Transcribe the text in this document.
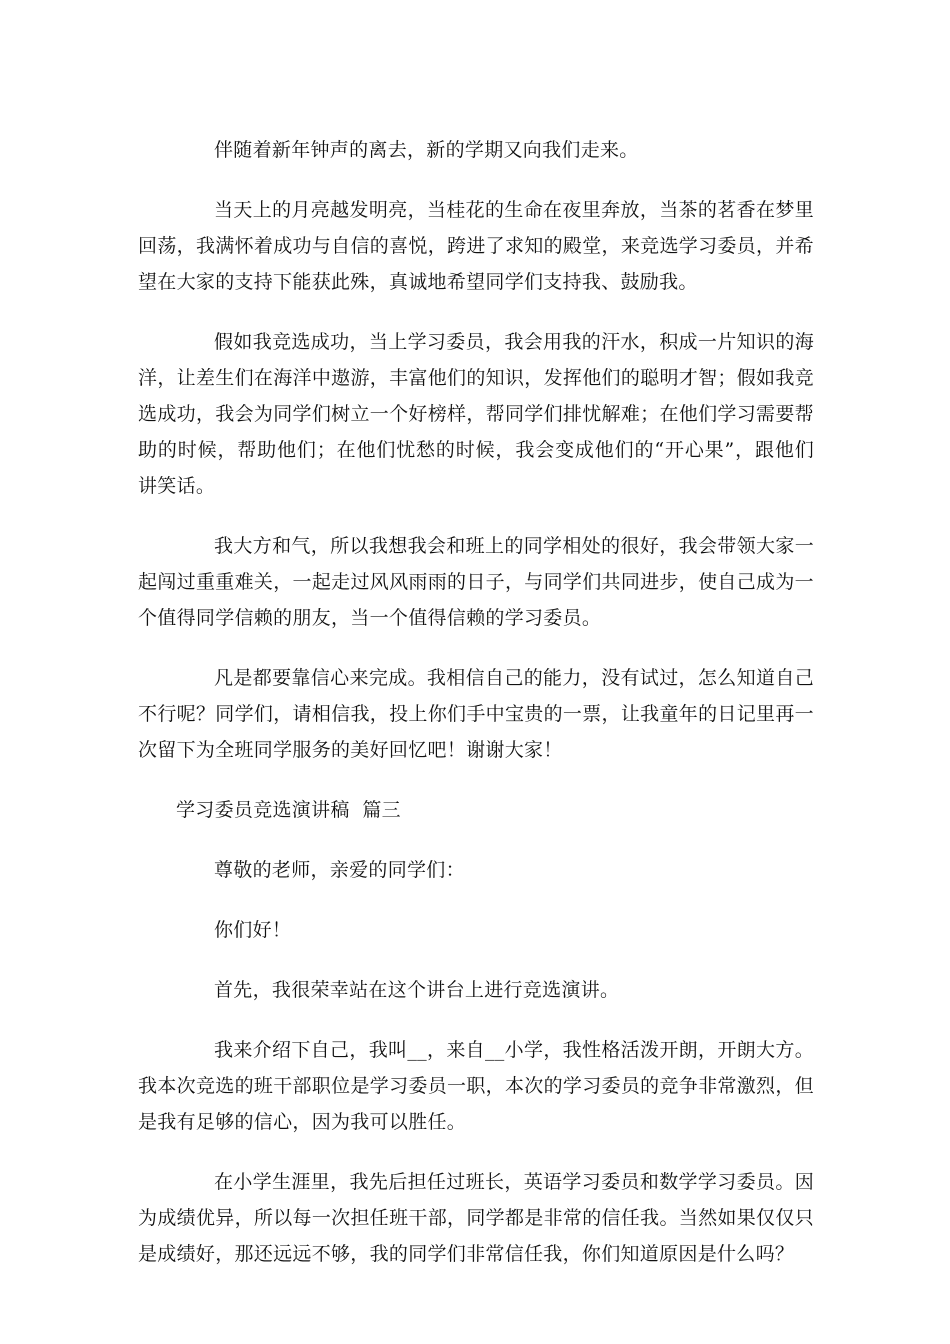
伴随着新年钟声的离去，新的学期又向我们走来。

当天上的月亮越发明亮，当桂花的生命在夜里奔放，当茶的茗香在梦里回荡，我满怀着成功与自信的喜悦，跨进了求知的殿堂，来竞选学习委员，并希望在大家的支持下能获此殊，真诚地希望同学们支持我、鼓励我。

假如我竞选成功，当上学习委员，我会用我的汗水，积成一片知识的海洋，让差生们在海洋中遨游，丰富他们的知识，发挥他们的聪明才智；假如我竞选成功，我会为同学们树立一个好榜样，帮同学们排忧解难；在他们学习需要帮助的时候，帮助他们；在他们忧愁的时候，我会变成他们的“开心果”，跟他们讲笑话。

我大方和气，所以我想我会和班上的同学相处的很好，我会带领大家一起闯过重重难关，一起走过风风雨雨的日子，与同学们共同进步，使自己成为一个值得同学信赖的朋友，当一个值得信赖的学习委员。

凡是都要靠信心来完成。我相信自己的能力，没有试过，怎么知道自己不行呢？同学们，请相信我，投上你们手中宝贵的一票，让我童年的日记里再一次留下为全班同学服务的美好回忆吧！谢谢大家！

学习委员竞选演讲稿  篇三

尊敬的老师，亲爱的同学们：

你们好！

首先，我很荣幸站在这个讲台上进行竞选演讲。

我来介绍下自己，我叫__，来自__小学，我性格活泼开朗，开朗大方。我本次竞选的班干部职位是学习委员一职，本次的学习委员的竞争非常激烈，但是我有足够的信心，因为我可以胜任。

在小学生涯里，我先后担任过班长，英语学习委员和数学学习委员。因为成绩优异，所以每一次担任班干部，同学都是非常的信任我。当然如果仅仅只是成绩好，那还远远不够，我的同学们非常信任我，你们知道原因是什么吗？
